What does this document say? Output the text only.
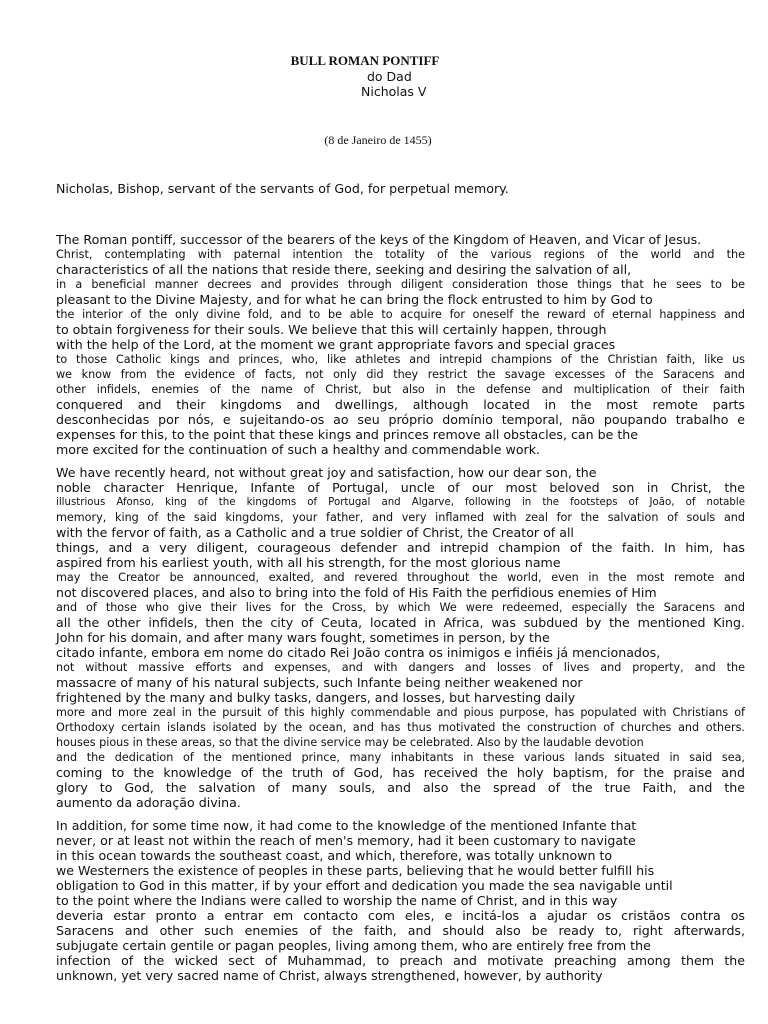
BULL ROMAN PONTIFF
do Dad
Nicholas V
(8 de Janeiro de 1455)
Nicholas, Bishop, servant of the servants of God, for perpetual memory.
The Roman pontiff, successor of the bearers of the keys of the Kingdom of Heaven, and Vicar of Jesus.
Christ, contemplating with paternal intention the totality of the various regions of the world and the
characteristics of all the nations that reside there, seeking and desiring the salvation of all,
in a beneficial manner decrees and provides through diligent consideration those things that he sees to be
pleasant to the Divine Majesty, and for what he can bring the flock entrusted to him by God to
the interior of the only divine fold, and to be able to acquire for oneself the reward of eternal happiness and
to obtain forgiveness for their souls. We believe that this will certainly happen, through
with the help of the Lord, at the moment we grant appropriate favors and special graces
to those Catholic kings and princes, who, like athletes and intrepid champions of the Christian faith, like us
we know from the evidence of facts, not only did they restrict the savage excesses of the Saracens and
other infidels, enemies of the name of Christ, but also in the defense and multiplication of their faith
conquered and their kingdoms and dwellings, although located in the most remote parts
desconhecidas por nós, e sujeitando-os ao seu próprio domínio temporal, não poupando trabalho e
expenses for this, to the point that these kings and princes remove all obstacles, can be the
more excited for the continuation of such a healthy and commendable work.
We have recently heard, not without great joy and satisfaction, how our dear son, the
noble character Henrique, Infante of Portugal, uncle of our most beloved son in Christ, the
illustrious Afonso, king of the kingdoms of Portugal and Algarve, following in the footsteps of João, of notable
memory, king of the said kingdoms, your father, and very inflamed with zeal for the salvation of souls and
with the fervor of faith, as a Catholic and a true soldier of Christ, the Creator of all
things, and a very diligent, courageous defender and intrepid champion of the faith. In him, has
aspired from his earliest youth, with all his strength, for the most glorious name
may the Creator be announced, exalted, and revered throughout the world, even in the most remote and
not discovered places, and also to bring into the fold of His Faith the perfidious enemies of Him
and of those who give their lives for the Cross, by which We were redeemed, especially the Saracens and
all the other infidels, then the city of Ceuta, located in Africa, was subdued by the mentioned King.
John for his domain, and after many wars fought, sometimes in person, by the
citado infante, embora em nome do citado Rei João contra os inimigos e infiéis já mencionados,
not without massive efforts and expenses, and with dangers and losses of lives and property, and the
massacre of many of his natural subjects, such Infante being neither weakened nor
frightened by the many and bulky tasks, dangers, and losses, but harvesting daily
more and more zeal in the pursuit of this highly commendable and pious purpose, has populated with Christians of
Orthodoxy certain islands isolated by the ocean, and has thus motivated the construction of churches and others.
houses pious in these areas, so that the divine service may be celebrated. Also by the laudable devotion
and the dedication of the mentioned prince, many inhabitants in these various lands situated in said sea,
coming to the knowledge of the truth of God, has received the holy baptism, for the praise and
glory to God, the salvation of many souls, and also the spread of the true Faith, and the
aumento da adoração divina.
In addition, for some time now, it had come to the knowledge of the mentioned Infante that
never, or at least not within the reach of men's memory, had it been customary to navigate
in this ocean towards the southeast coast, and which, therefore, was totally unknown to
we Westerners the existence of peoples in these parts, believing that he would better fulfill his
obligation to God in this matter, if by your effort and dedication you made the sea navigable until
to the point where the Indians were called to worship the name of Christ, and in this way
deveria estar pronto a entrar em contacto com eles, e incitá-los a ajudar os cristãos contra os
Saracens and other such enemies of the faith, and should also be ready to, right afterwards,
subjugate certain gentile or pagan peoples, living among them, who are entirely free from the
infection of the wicked sect of Muhammad, to preach and motivate preaching among them the
unknown, yet very sacred name of Christ, always strengthened, however, by authority
